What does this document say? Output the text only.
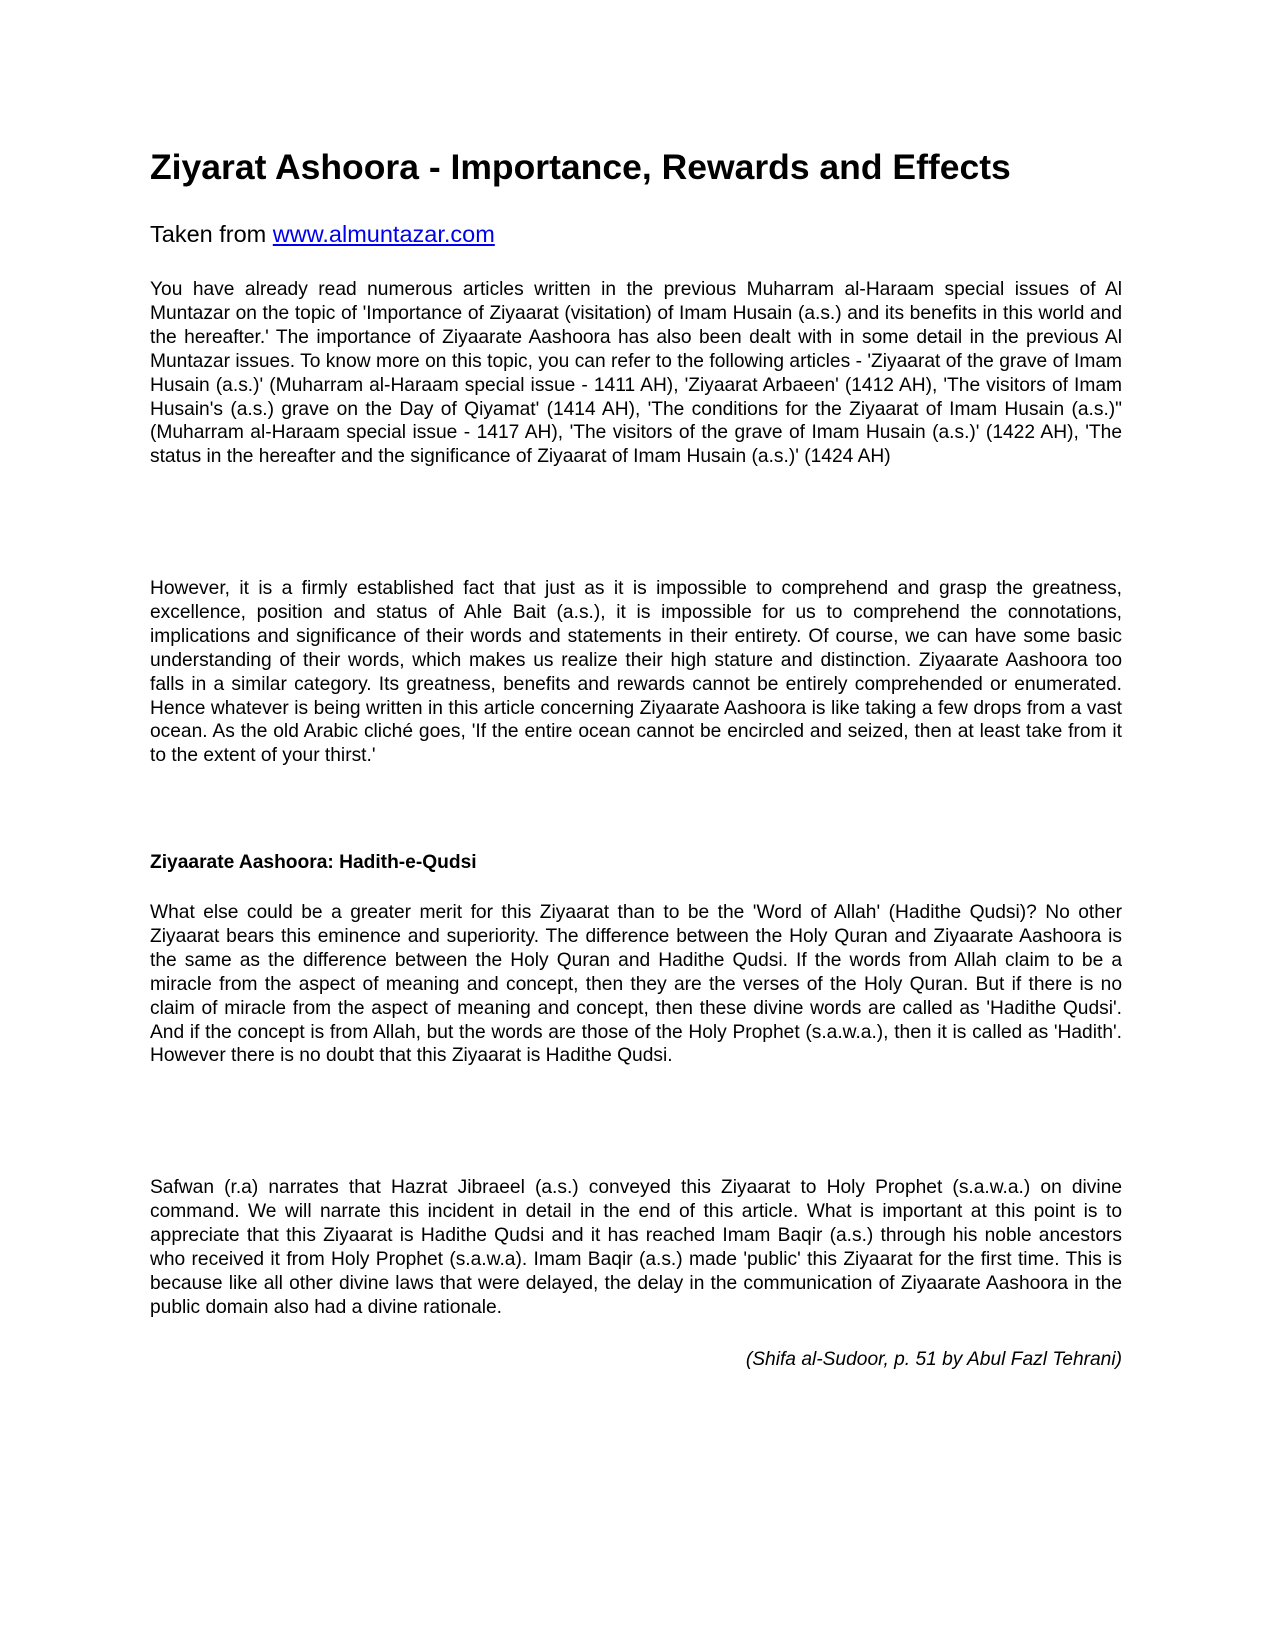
Ziyarat Ashoora - Importance, Rewards and Effects

Taken from www.almuntazar.com

You have already read numerous articles written in the previous Muharram al-Haraam special issues of Al Muntazar on the topic of 'Importance of Ziyaarat (visitation) of Imam Husain (a.s.) and its benefits in this world and the hereafter.' The importance of Ziyaarate Aashoora has also been dealt with in some detail in the previous Al Muntazar issues. To know more on this topic, you can refer to the following articles - 'Ziyaarat of the grave of Imam Husain (a.s.)' (Muharram al-Haraam special issue - 1411 AH), 'Ziyaarat Arbaeen' (1412 AH), 'The visitors of Imam Husain's (a.s.) grave on the Day of Qiyamat' (1414 AH), 'The conditions for the Ziyaarat of Imam Husain (a.s.)" (Muharram al-Haraam special issue - 1417 AH), 'The visitors of the grave of Imam Husain (a.s.)' (1422 AH), 'The status in the hereafter and the significance of Ziyaarat of Imam Husain (a.s.)' (1424 AH)

However, it is a firmly established fact that just as it is impossible to comprehend and grasp the greatness, excellence, position and status of Ahle Bait (a.s.), it is impossible for us to comprehend the connotations, implications and significance of their words and statements in their entirety. Of course, we can have some basic understanding of their words, which makes us realize their high stature and distinction. Ziyaarate Aashoora too falls in a similar category. Its greatness, benefits and rewards cannot be entirely comprehended or enumerated. Hence whatever is being written in this article concerning Ziyaarate Aashoora is like taking a few drops from a vast ocean. As the old Arabic cliché goes, 'If the entire ocean cannot be encircled and seized, then at least take from it to the extent of your thirst.'

Ziyaarate Aashoora: Hadith-e-Qudsi

What else could be a greater merit for this Ziyaarat than to be the 'Word of Allah' (Hadithe Qudsi)? No other Ziyaarat bears this eminence and superiority. The difference between the Holy Quran and Ziyaarate Aashoora is the same as the difference between the Holy Quran and Hadithe Qudsi. If the words from Allah claim to be a miracle from the aspect of meaning and concept, then they are the verses of the Holy Quran. But if there is no claim of miracle from the aspect of meaning and concept, then these divine words are called as 'Hadithe Qudsi'. And if the concept is from Allah, but the words are those of the Holy Prophet (s.a.w.a.), then it is called as 'Hadith'. However there is no doubt that this Ziyaarat is Hadithe Qudsi.

Safwan (r.a) narrates that Hazrat Jibraeel (a.s.) conveyed this Ziyaarat to Holy Prophet (s.a.w.a.) on divine command. We will narrate this incident in detail in the end of this article. What is important at this point is to appreciate that this Ziyaarat is Hadithe Qudsi and it has reached Imam Baqir (a.s.) through his noble ancestors who received it from Holy Prophet (s.a.w.a). Imam Baqir (a.s.) made 'public' this Ziyaarat for the first time. This is because like all other divine laws that were delayed, the delay in the communication of Ziyaarate Aashoora in the public domain also had a divine rationale.

(Shifa al-Sudoor, p. 51 by Abul Fazl Tehrani)
